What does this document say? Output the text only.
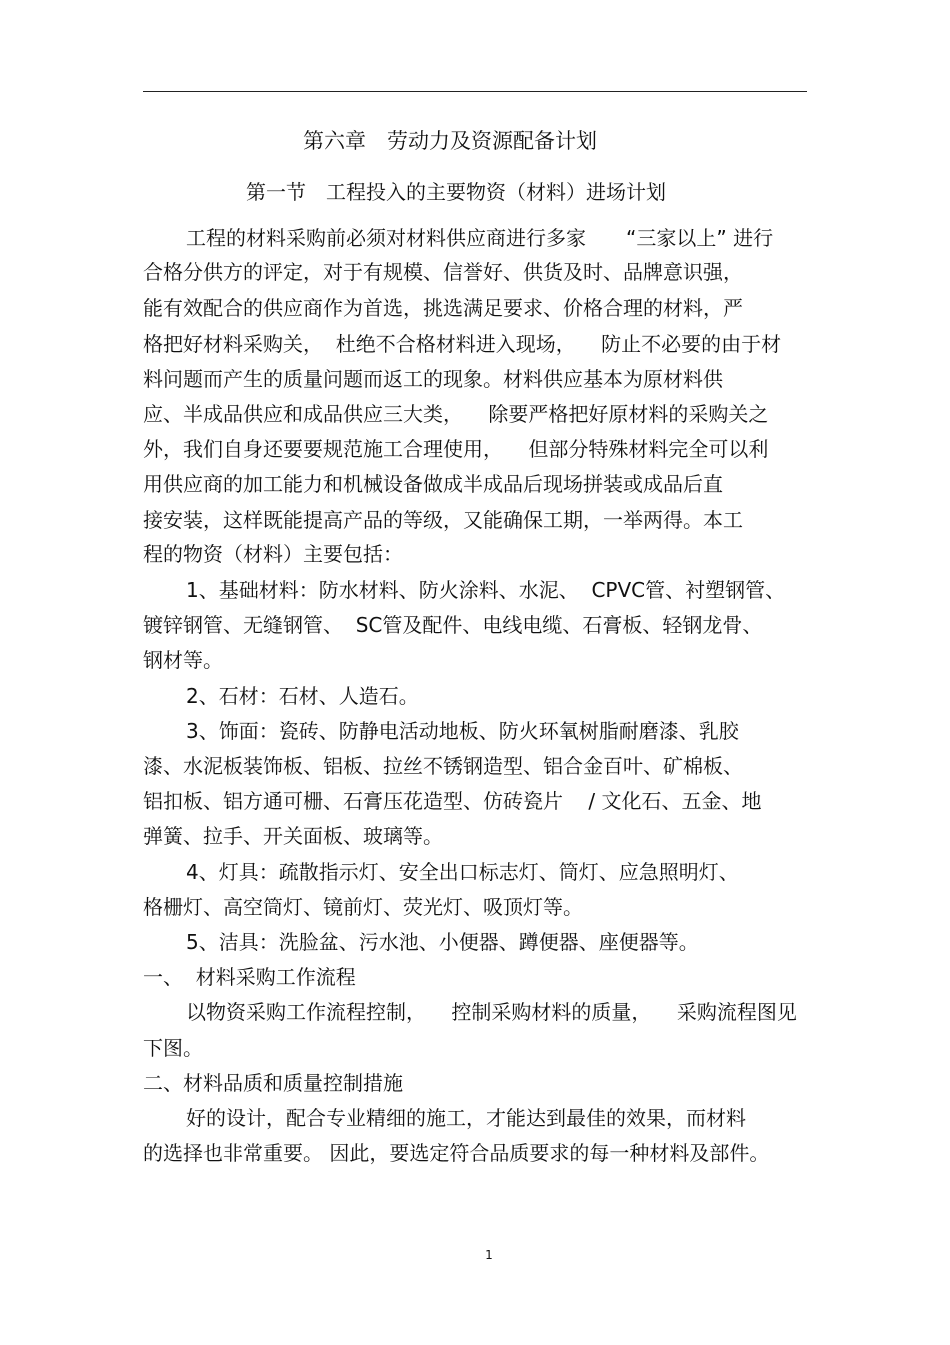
第六章　劳动力及资源配备计划
第一节　工程投入的主要物资（材料）进场计划
工程的材料采购前必须对材料供应商进行多家　　“三家以上” 进行
合格分供方的评定，对于有规模、信誉好、供货及时、品牌意识强，
能有效配合的供应商作为首选，挑选满足要求、价格合理的材料，严
格把好材料采购关，  杜绝不合格材料进入现场，    防止不必要的由于材
料问题而产生的质量问题而返工的现象。材料供应基本为原材料供
应、半成品供应和成品供应三大类，    除要严格把好原材料的采购关之
外，我们自身还要要规范施工合理使用，    但部分特殊材料完全可以利
用供应商的加工能力和机械设备做成半成品后现场拼装或成品后直
接安装，这样既能提高产品的等级，又能确保工期，一举两得。本工
程的物资（材料）主要包括：
1、基础材料：防水材料、防火涂料、水泥、  CPVC管、衬塑钢管、
镀锌钢管、无缝钢管、  SC管及配件、电线电缆、石膏板、轻钢龙骨、
钢材等。
2、石材：石材、人造石。
3、饰面：瓷砖、防静电活动地板、防火环氧树脂耐磨漆、乳胶
漆、水泥板装饰板、铝板、拉丝不锈钢造型、铝合金百叶、矿棉板、
铝扣板、铝方通可栅、石膏压花造型、仿砖瓷片    / 文化石、五金、地
弹簧、拉手、开关面板、玻璃等。
4、灯具：疏散指示灯、安全出口标志灯、筒灯、应急照明灯、
格栅灯、高空筒灯、镜前灯、荧光灯、吸顶灯等。
5、洁具：洗脸盆、污水池、小便器、蹲便器、座便器等。
一、  材料采购工作流程
以物资采购工作流程控制，    控制采购材料的质量，    采购流程图见
下图。
二、材料品质和质量控制措施
好的设计，配合专业精细的施工，才能达到最佳的效果，而材料
的选择也非常重要。 因此，要选定符合品质要求的每一种材料及部件。
1
